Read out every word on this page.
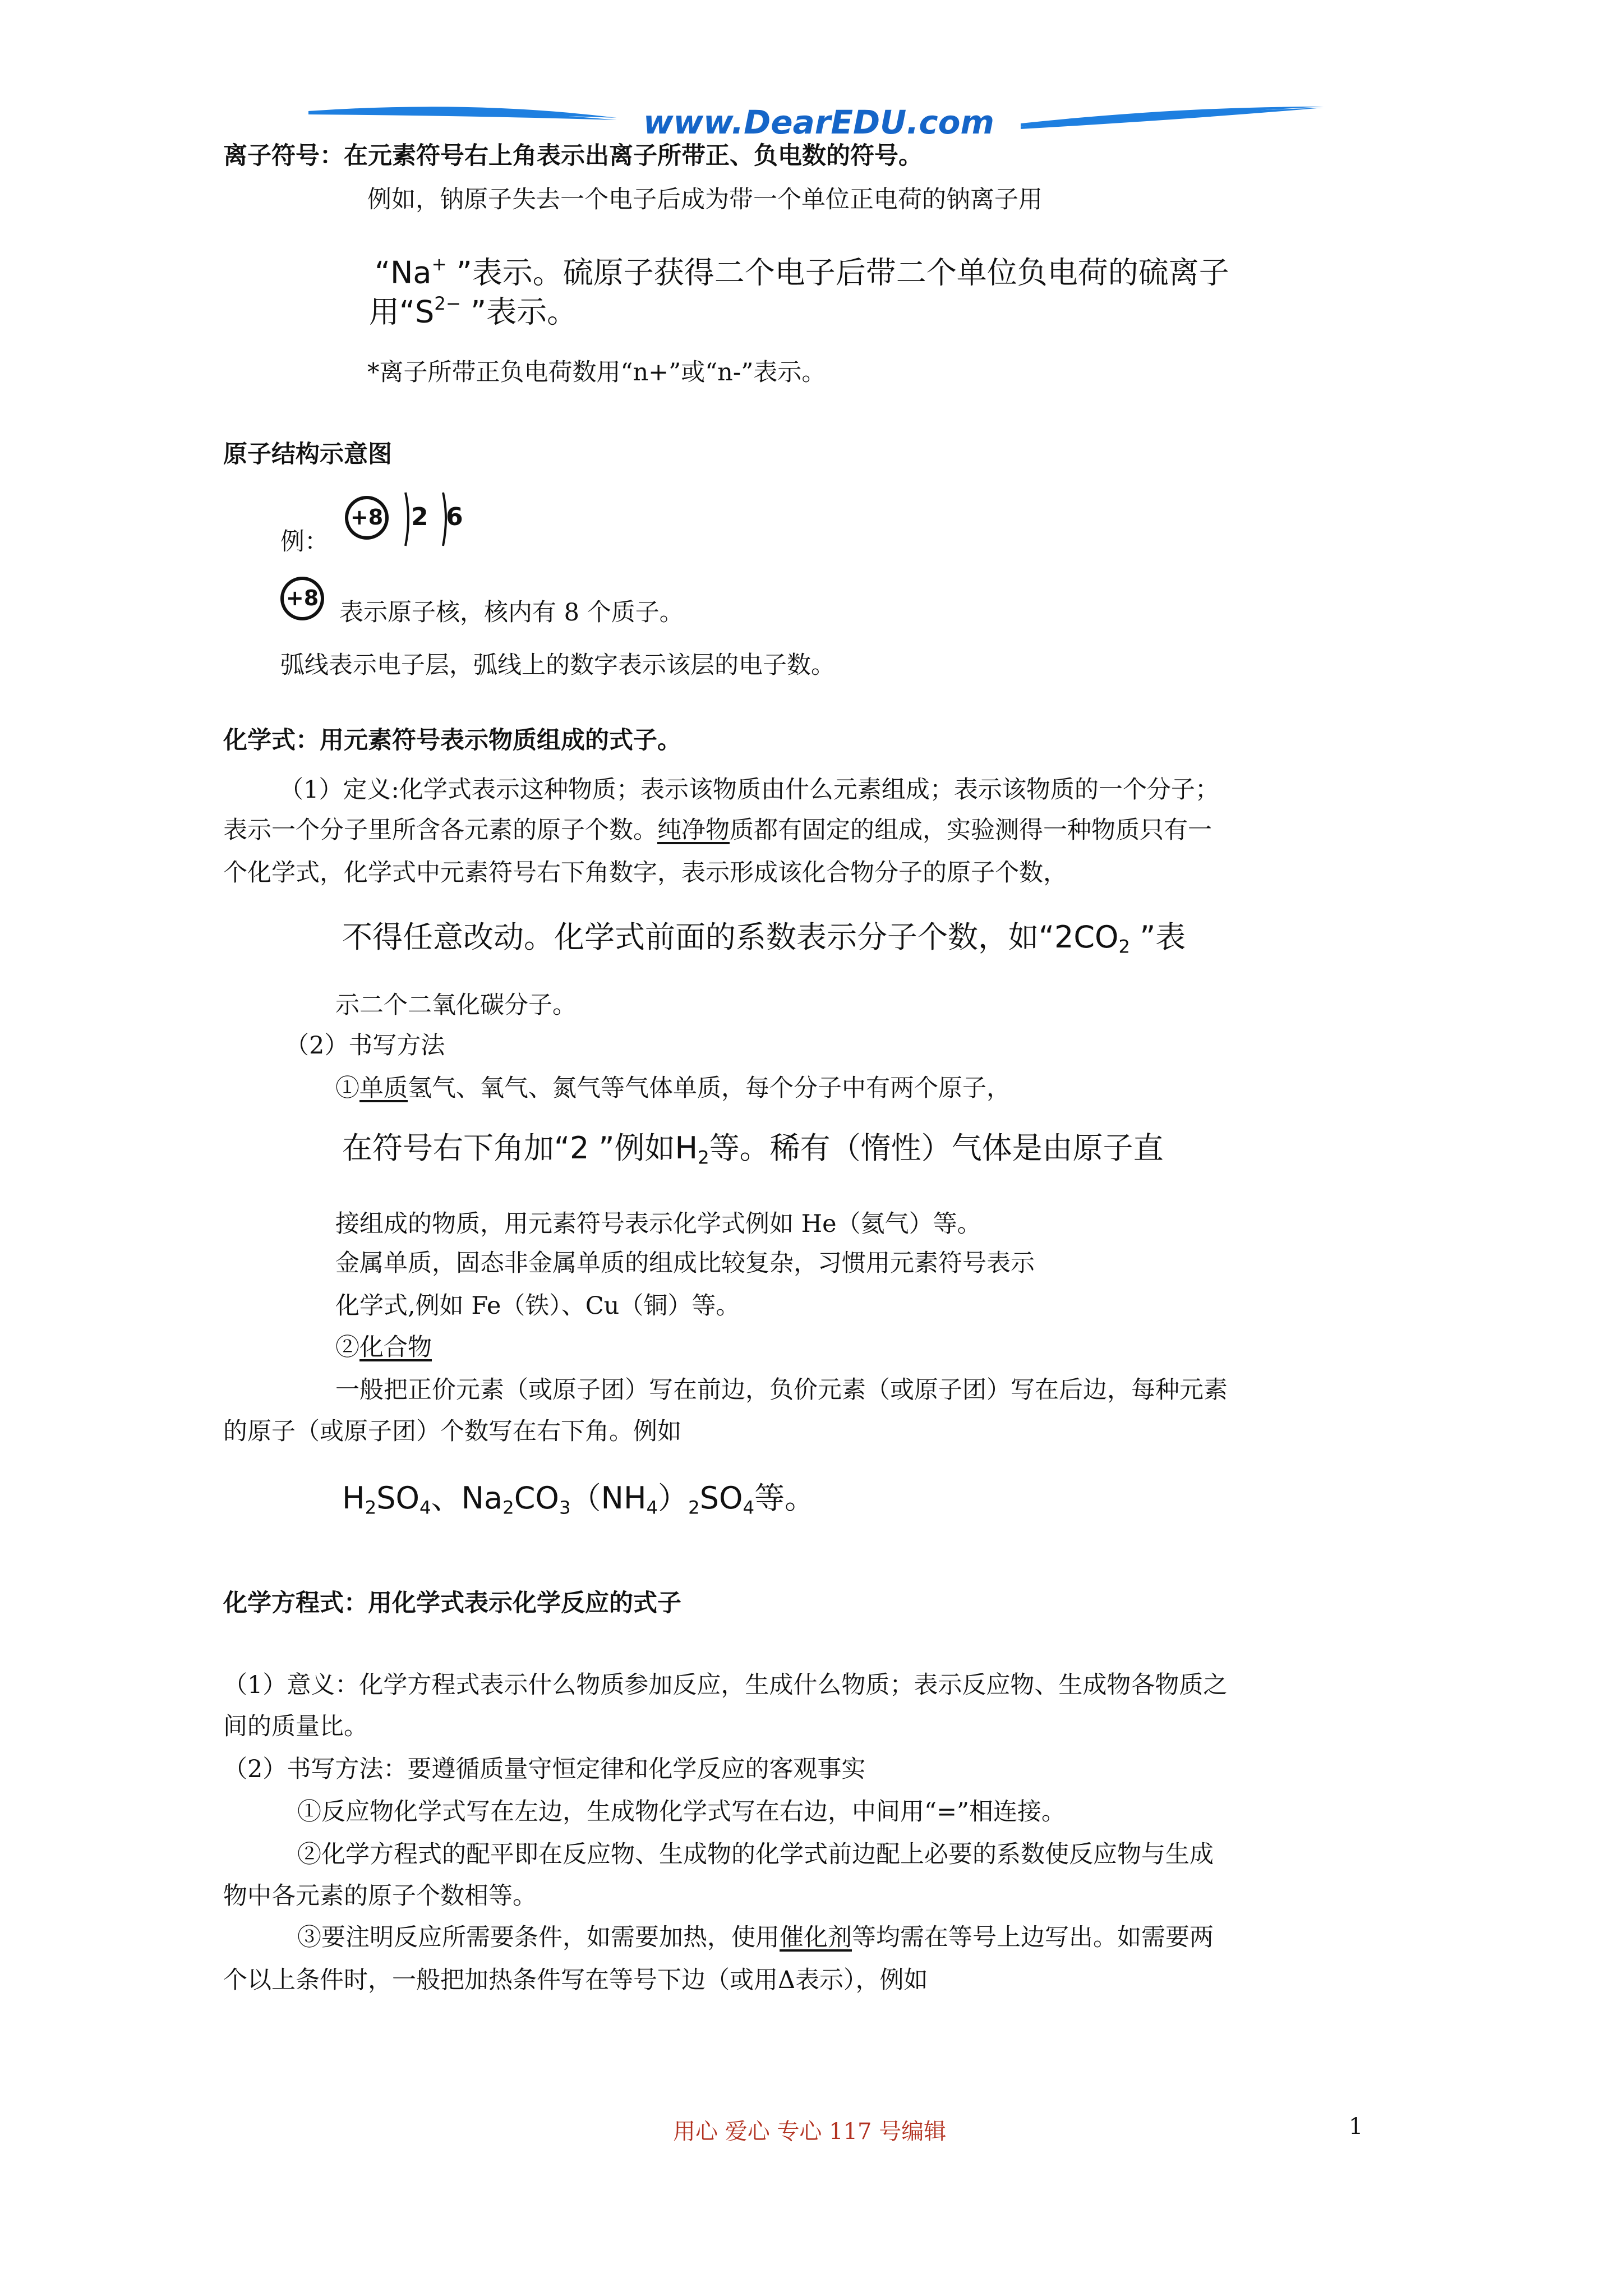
www.DearEDU.com
离子符号：在元素符号右上角表示出离子所带正、负电数的符号。
例如，钠原子失去一个电子后成为带一个单位正电荷的钠离子用
“Na+ ”表示。硫原子获得二个电子后带二个单位负电荷的硫离子
用“$S^{2-}$ ”表示。
*离子所带正负电荷数用“n+”或“n-”表示。
原子结构示意图
例：
+8 2 6
+8
表示原子核，核内有 8 个质子。
弧线表示电子层，弧线上的数字表示该层的电子数。
化学式：用元素符号表示物质组成的式子。
（1）定义:化学式表示这种物质；表示该物质由什么元素组成；表示该物质的一个分子；
表示一个分子里所含各元素的原子个数。纯净物质都有固定的组成，实验测得一种物质只有一
个化学式，化学式中元素符号右下角数字，表示形成该化合物分子的原子个数，
不得任意改动。化学式前面的系数表示分子个数，如“$2CO_2$ ”表
示二个二氧化碳分子。
（2）书写方法
①单质氢气、氧气、氮气等气体单质，每个分子中有两个原子，
在符号右下角加“2 ”例如$H_2$等。稀有（惰性）气体是由原子直
接组成的物质，用元素符号表示化学式例如 He（氦气）等。
金属单质，固态非金属单质的组成比较复杂，习惯用元素符号表示
化学式,例如 Fe（铁）、Cu（铜）等。
②化合物
一般把正价元素（或原子团）写在前边，负价元素（或原子团）写在后边，每种元素
的原子（或原子团）个数写在右下角。例如
$H_2SO_4$、$Na_2CO_3(NH_4)_2SO_4$等。
化学方程式：用化学式表示化学反应的式子
（1）意义：化学方程式表示什么物质参加反应，生成什么物质；表示反应物、生成物各物质之
间的质量比。
（2）书写方法：要遵循质量守恒定律和化学反应的客观事实
①反应物化学式写在左边，生成物化学式写在右边，中间用“=”相连接。
②化学方程式的配平即在反应物、生成物的化学式前边配上必要的系数使反应物与生成
物中各元素的原子个数相等。
③要注明反应所需要条件，如需要加热，使用催化剂等均需在等号上边写出。如需要两
个以上条件时，一般把加热条件写在等号下边（或用Δ表示），例如
用心 爱心 专心 117 号编辑	1
